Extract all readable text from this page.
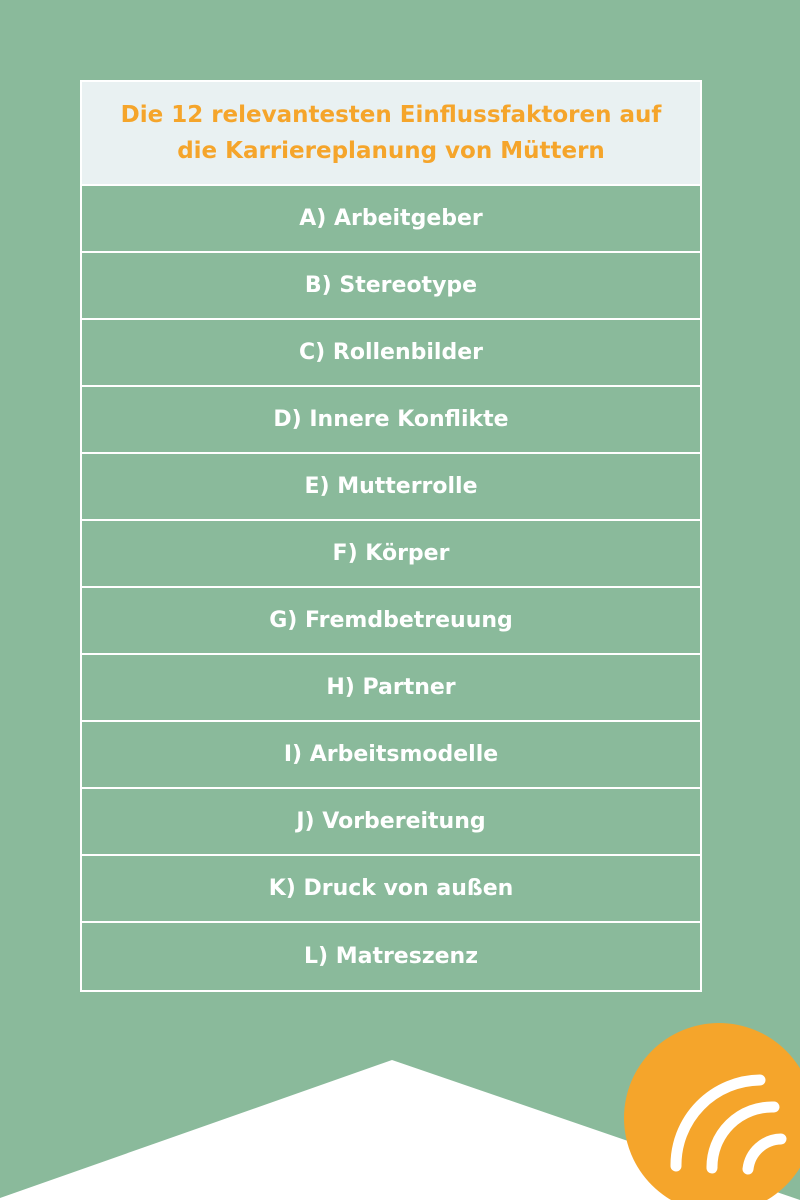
Die 12 relevantesten Einflussfaktoren auf die Karriereplanung von Müttern
A) Arbeitgeber
B) Stereotype
C) Rollenbilder
D) Innere Konflikte
E) Mutterrolle
F) Körper
G) Fremdbetreuung
H) Partner
I) Arbeitsmodelle
J) Vorbereitung
K) Druck von außen
L) Matreszenz
